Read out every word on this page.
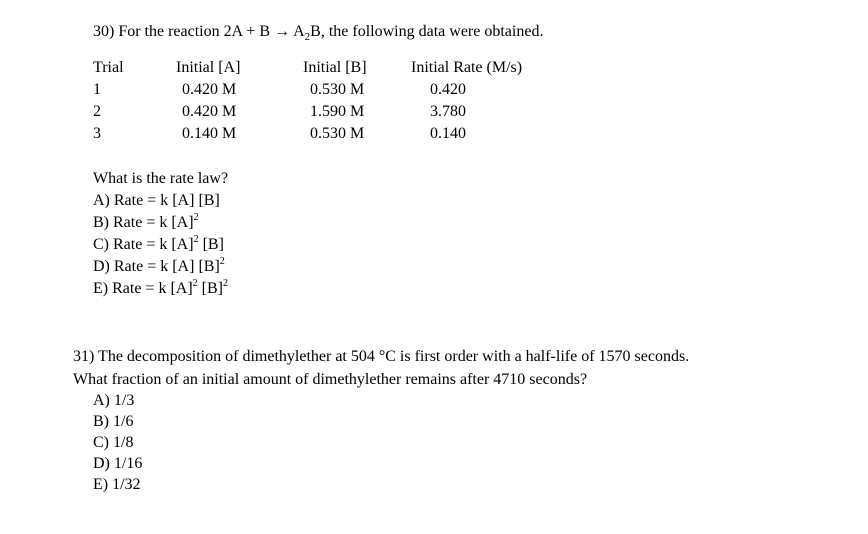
30) For the reaction $2A + B \to A_2B$, the following data were obtained.
Trial	Initial [A]	Initial [B]	Initial Rate (M/s)
1	0.420 M	0.530 M	0.420
2	0.420 M	1.590 M	3.780
3	0.140 M	0.530 M	0.140
What is the rate law?
A) Rate = k [A] [B]
B) Rate = k $[A]^2$
C) Rate = k $[A]^2$ [B]
D) Rate = k [A] $[B]^2$
E) Rate = k $[A]^2$ $[B]^2$
31) The decomposition of dimethylether at 504 °C is first order with a half-life of 1570 seconds.
What fraction of an initial amount of dimethylether remains after 4710 seconds?
A) 1/3
B) 1/6
C) 1/8
D) 1/16
E) 1/32
